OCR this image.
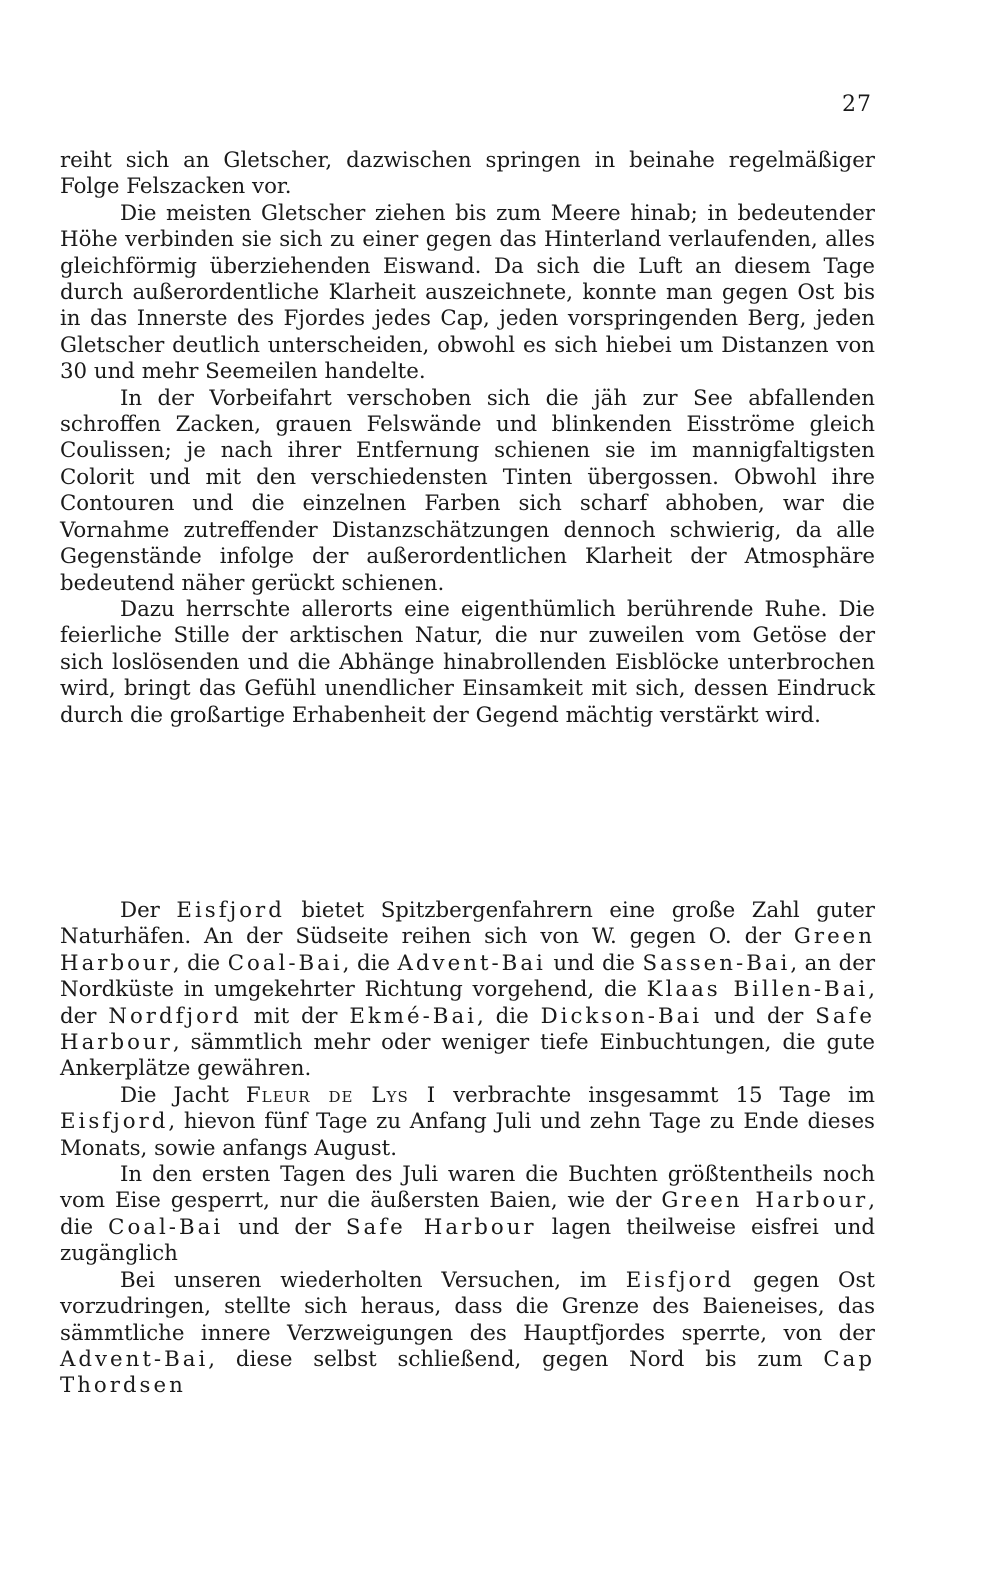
27

reiht sich an Gletscher, dazwischen springen in beinahe regelmäßiger Folge Felszacken vor.

Die meisten Gletscher ziehen bis zum Meere hinab; in bedeutender Höhe verbinden sie sich zu einer gegen das Hinterland verlaufenden, alles gleichförmig überziehenden Eiswand. Da sich die Luft an diesem Tage durch außerordentliche Klarheit auszeichnete, konnte man gegen Ost bis in das Innerste des Fjordes jedes Cap, jeden vorspringenden Berg, jeden Gletscher deutlich unterscheiden, obwohl es sich hiebei um Distanzen von 30 und mehr Seemeilen handelte.

In der Vorbeifahrt verschoben sich die jäh zur See abfallenden schroffen Zacken, grauen Felswände und blinkenden Eisströme gleich Coulissen; je nach ihrer Entfernung schienen sie im mannigfaltigsten Colorit und mit den verschiedensten Tinten übergossen. Obwohl ihre Contouren und die einzelnen Farben sich scharf abhoben, war die Vornahme zutreffender Distanzschätzungen dennoch schwierig, da alle Gegenstände infolge der außerordentlichen Klarheit der Atmosphäre bedeutend näher gerückt schienen.

Dazu herrschte allerorts eine eigenthümlich berührende Ruhe. Die feierliche Stille der arktischen Natur, die nur zuweilen vom Getöse der sich loslösenden und die Abhänge hinabrollenden Eisblöcke unterbrochen wird, bringt das Gefühl unendlicher Einsamkeit mit sich, dessen Eindruck durch die großartige Erhabenheit der Gegend mächtig verstärkt wird.

Der Eisfjord bietet Spitzbergenfahrern eine große Zahl guter Naturhäfen. An der Südseite reihen sich von W. gegen O. der Green Harbour, die Coal-Bai, die Advent-Bai und die Sassen-Bai, an der Nordküste in umgekehrter Richtung vorgehend, die Klaas Billen-Bai, der Nordfjord mit der Ekmé-Bai, die Dickson-Bai und der Safe Harbour, sämmtlich mehr oder weniger tiefe Einbuchtungen, die gute Ankerplätze gewähren.

Die Jacht Fleur de Lys I verbrachte insgesammt 15 Tage im Eisfjord, hievon fünf Tage zu Anfang Juli und zehn Tage zu Ende dieses Monats, sowie anfangs August.

In den ersten Tagen des Juli waren die Buchten größtentheils noch vom Eise gesperrt, nur die äußersten Baien, wie der Green Harbour, die Coal-Bai und der Safe Harbour lagen theilweise eisfrei und zugänglich

Bei unseren wiederholten Versuchen, im Eisfjord gegen Ost vorzudringen, stellte sich heraus, dass die Grenze des Baieneises, das sämmtliche innere Verzweigungen des Hauptfjordes sperrte, von der Advent-Bai, diese selbst schließend, gegen Nord bis zum Cap Thordsen
